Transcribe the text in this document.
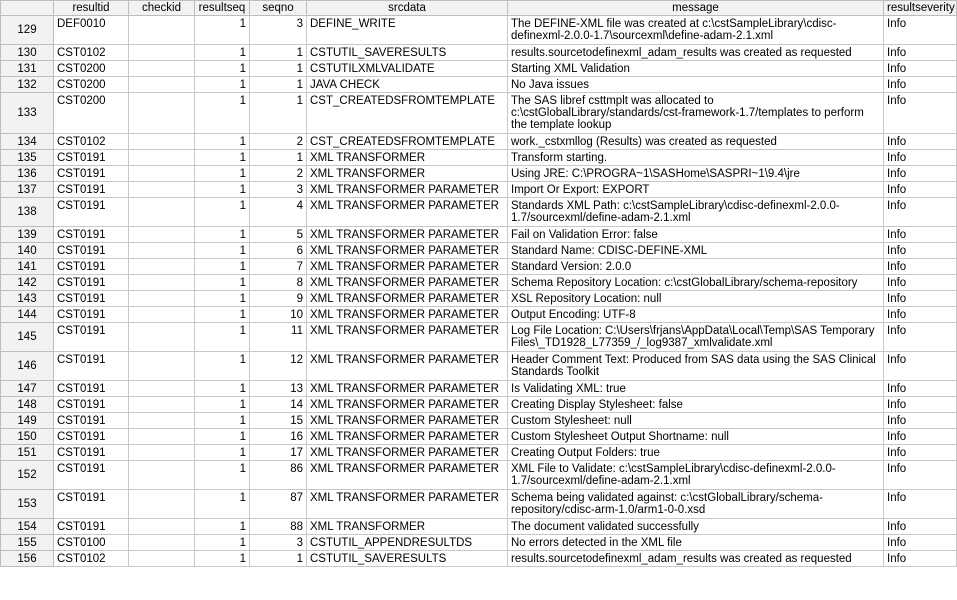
	resultid	checkid	resultseq	seqno	srcdata	message	resultseverity
129	DEF0010		1	3	DEFINE_WRITE	The DEFINE-XML file was created at c:\cstSampleLibrary\cdisc-definexml-2.0.0-1.7\sourcexml\define-adam-2.1.xml	Info
130	CST0102		1	1	CSTUTIL_SAVERESULTS	results.sourcetodefinexml_adam_results was created as requested	Info
131	CST0200		1	1	CSTUTILXMLVALIDATE	Starting XML Validation	Info
132	CST0200		1	1	JAVA CHECK	No Java issues	Info
133	CST0200		1	1	CST_CREATEDSFROMTEMPLATE	The SAS libref csttmplt was allocated to c:\cstGlobalLibrary/standards/cst-framework-1.7/templates to perform the template lookup	Info
134	CST0102		1	2	CST_CREATEDSFROMTEMPLATE	work._cstxmllog (Results) was created as requested	Info
135	CST0191		1	1	XML TRANSFORMER	Transform starting.	Info
136	CST0191		1	2	XML TRANSFORMER	Using JRE: C:\PROGRA~1\SASHome\SASPRI~1\9.4\jre	Info
137	CST0191		1	3	XML TRANSFORMER PARAMETER	Import Or Export: EXPORT	Info
138	CST0191		1	4	XML TRANSFORMER PARAMETER	Standards XML Path: c:\cstSampleLibrary\cdisc-definexml-2.0.0-1.7/sourcexml/define-adam-2.1.xml	Info
139	CST0191		1	5	XML TRANSFORMER PARAMETER	Fail on Validation Error: false	Info
140	CST0191		1	6	XML TRANSFORMER PARAMETER	Standard Name: CDISC-DEFINE-XML	Info
141	CST0191		1	7	XML TRANSFORMER PARAMETER	Standard Version: 2.0.0	Info
142	CST0191		1	8	XML TRANSFORMER PARAMETER	Schema Repository Location: c:\cstGlobalLibrary/schema-repository	Info
143	CST0191		1	9	XML TRANSFORMER PARAMETER	XSL Repository Location: null	Info
144	CST0191		1	10	XML TRANSFORMER PARAMETER	Output Encoding: UTF-8	Info
145	CST0191		1	11	XML TRANSFORMER PARAMETER	Log File Location: C:\Users\frjans\AppData\Local\Temp\SAS Temporary Files\_TD1928_L77359_/_log9387_xmlvalidate.xml	Info
146	CST0191		1	12	XML TRANSFORMER PARAMETER	Header Comment Text: Produced from SAS data using the SAS Clinical Standards Toolkit	Info
147	CST0191		1	13	XML TRANSFORMER PARAMETER	Is Validating XML: true	Info
148	CST0191		1	14	XML TRANSFORMER PARAMETER	Creating Display Stylesheet: false	Info
149	CST0191		1	15	XML TRANSFORMER PARAMETER	Custom Stylesheet: null	Info
150	CST0191		1	16	XML TRANSFORMER PARAMETER	Custom Stylesheet Output Shortname: null	Info
151	CST0191		1	17	XML TRANSFORMER PARAMETER	Creating Output Folders: true	Info
152	CST0191		1	86	XML TRANSFORMER PARAMETER	XML File to Validate: c:\cstSampleLibrary\cdisc-definexml-2.0.0-1.7/sourcexml/define-adam-2.1.xml	Info
153	CST0191		1	87	XML TRANSFORMER PARAMETER	Schema being validated against: c:\cstGlobalLibrary/schema-repository/cdisc-arm-1.0/arm1-0-0.xsd	Info
154	CST0191		1	88	XML TRANSFORMER	The document validated successfully	Info
155	CST0100		1	3	CSTUTIL_APPENDRESULTDS	No errors detected in the XML file	Info
156	CST0102		1	1	CSTUTIL_SAVERESULTS	results.sourcetodefinexml_adam_results was created as requested	Info
